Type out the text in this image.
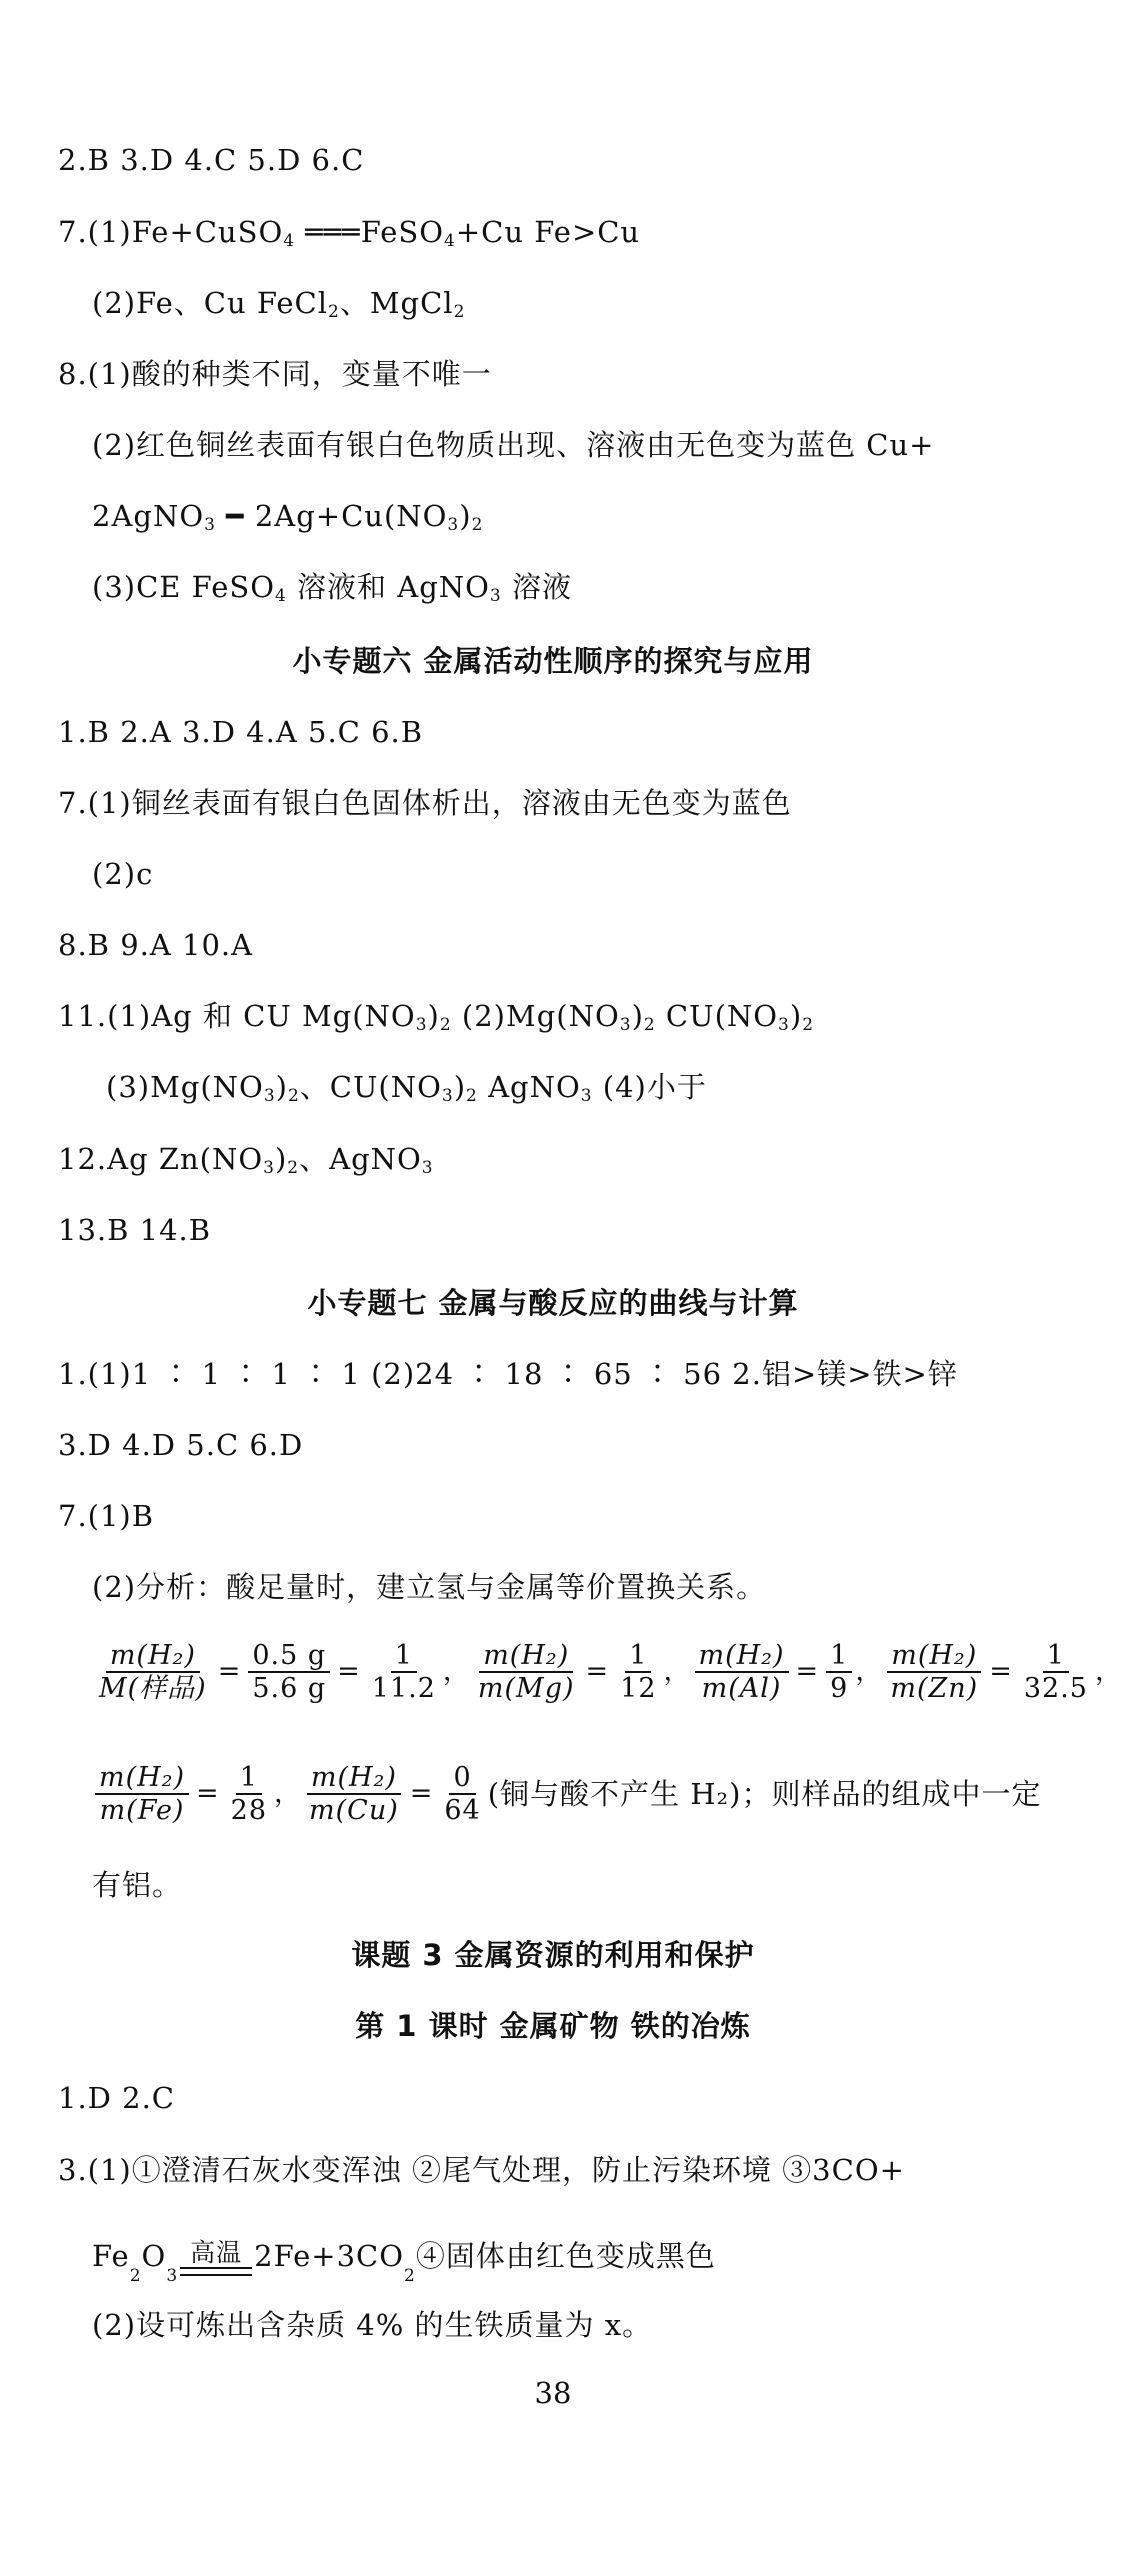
2.B 3.D 4.C 5.D 6.C
7.(1)Fe+CuSO$_4$ ═══FeSO$_4$+Cu Fe>Cu
(2)Fe、Cu FeCl$_2$、MgCl$_2$
8.(1)酸的种类不同，变量不唯一
(2)红色铜丝表面有银白色物质出现、溶液由无色变为蓝色 Cu+
2AgNO$_3$ ━ $2Ag+Cu(NO_3)_2$
(3)CE FeSO$_4$ 溶液和 AgNO$_3$ 溶液
小专题六 金属活动性顺序的探究与应用
1.B 2.A 3.D 4.A 5.C 6.B
7.(1)铜丝表面有银白色固体析出，溶液由无色变为蓝色
(2)c
8.B 9.A 10.A
11.(1)Ag 和 CU $Mg(NO_3)_2$ $(2)Mg(NO_3)_2$ $CU(NO_3)_2$
$(3)Mg(NO_3)_2$、$CU(NO_3)_2$ AgNO$_3$ (4)小于
12.Ag $Zn(NO_3)_2$、AgNO$_3$
13.B 14.B
小专题七 金属与酸反应的曲线与计算
1.(1)1 ∶ 1 ∶ 1 ∶ 1 (2)24 ∶ 18 ∶ 65 ∶ 56 2.铝>镁>铁>锌
3.D 4.D 5.C 6.D
7.(1)B
(2)分析：酸足量时，建立氢与金属等价置换关系。
$\frac{\text{m(H₂)}}{\text{M(样品)}} = \frac{0.5 g}{5.6 g} = \frac{1}{11.2}$ ， $\frac{\text{m(H₂)}}{m(Mg)} = \frac{1}{12}$ ， $\frac{\text{m(H₂)}}{m(Al)} = \frac{1}{9}$ ， $\frac{\text{m(H₂)}}{m(Zn)} = \frac{1}{32.5}$ ，
$\frac{\text{m(H₂)}}{m(Fe)} = \frac{1}{28}$ ， $\frac{\text{m(H₂)}}{m(Cu)} = \frac{0}{64}$ (铜与酸不产生 H₂)；则样品的组成中一定
有铝。
课题 3 金属资源的利用和保护
第 1 课时 金属矿物 铁的冶炼
1.D 2.C
3.(1)①澄清石灰水变浑浊 ②尾气处理，防止污染环境 ③3CO+
Fe
2
O
3
高温 2Fe+3CO
2
④固体由红色变成黑色
(2)设可炼出含杂质 4% 的生铁质量为 x。
38
